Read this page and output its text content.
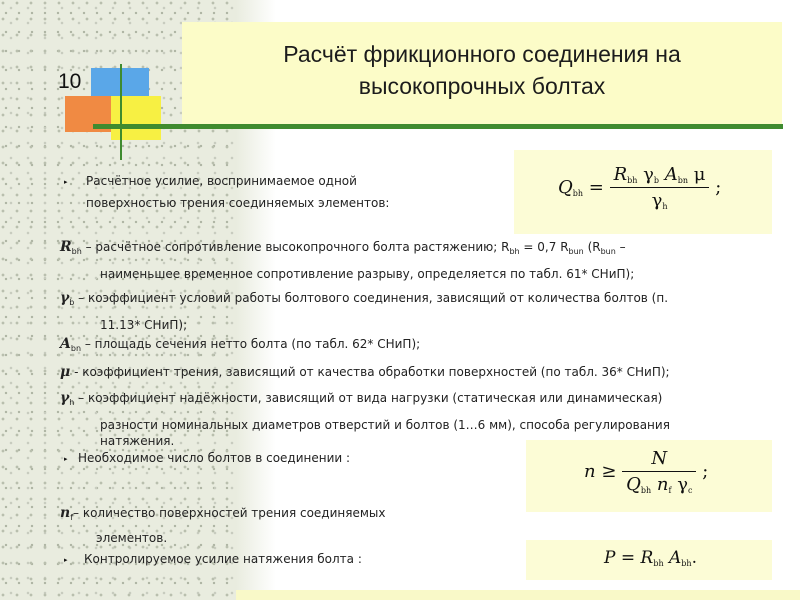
Расчёт фрикционного соединения на
высокопрочных болтах
10
$Q_{bh} = \frac{R_{bh} \gamma_b A_{bn} \mu}{\gamma_h}$ ;
$n \ge \frac{N}{Q_{bh} n_f \gamma_c}$ ;
$P = R_{bh}$ $A_{bh}$.
▸ Расчётное усилие, воспринимаемое одной
поверхностью трения соединяемых элементов:
$R_{bh}$ – расчётное сопротивление высокопрочного болта растяжению; $R_{bh} = 0,7$ $R_{bun}$ ($R_{bun}$ –
наименьшее временное сопротивление разрыву, определяется по табл. 61* СНиП);
$\gamma_b$ – коэффициент условий работы болтового соединения, зависящий от количества болтов (п.
11.13* СНиП);
$A_{bn}$ – площадь сечения нетто болта (по табл. 62* СНиП);
μ - коэффициент трения, зависящий от качества обработки поверхностей (по табл. 36* СНиП);
$\gamma_h$ – коэффициент надёжности, зависящий от вида нагрузки (статическая или динамическая)
разности номинальных диаметров отверстий и болтов (1…6 мм), способа регулирования
натяжения.
▸ Необходимое число болтов в соединении :
$n_f-$ количество поверхностей трения соединяемых
элементов.
▸ Контролируемое усилие натяжения болта :
